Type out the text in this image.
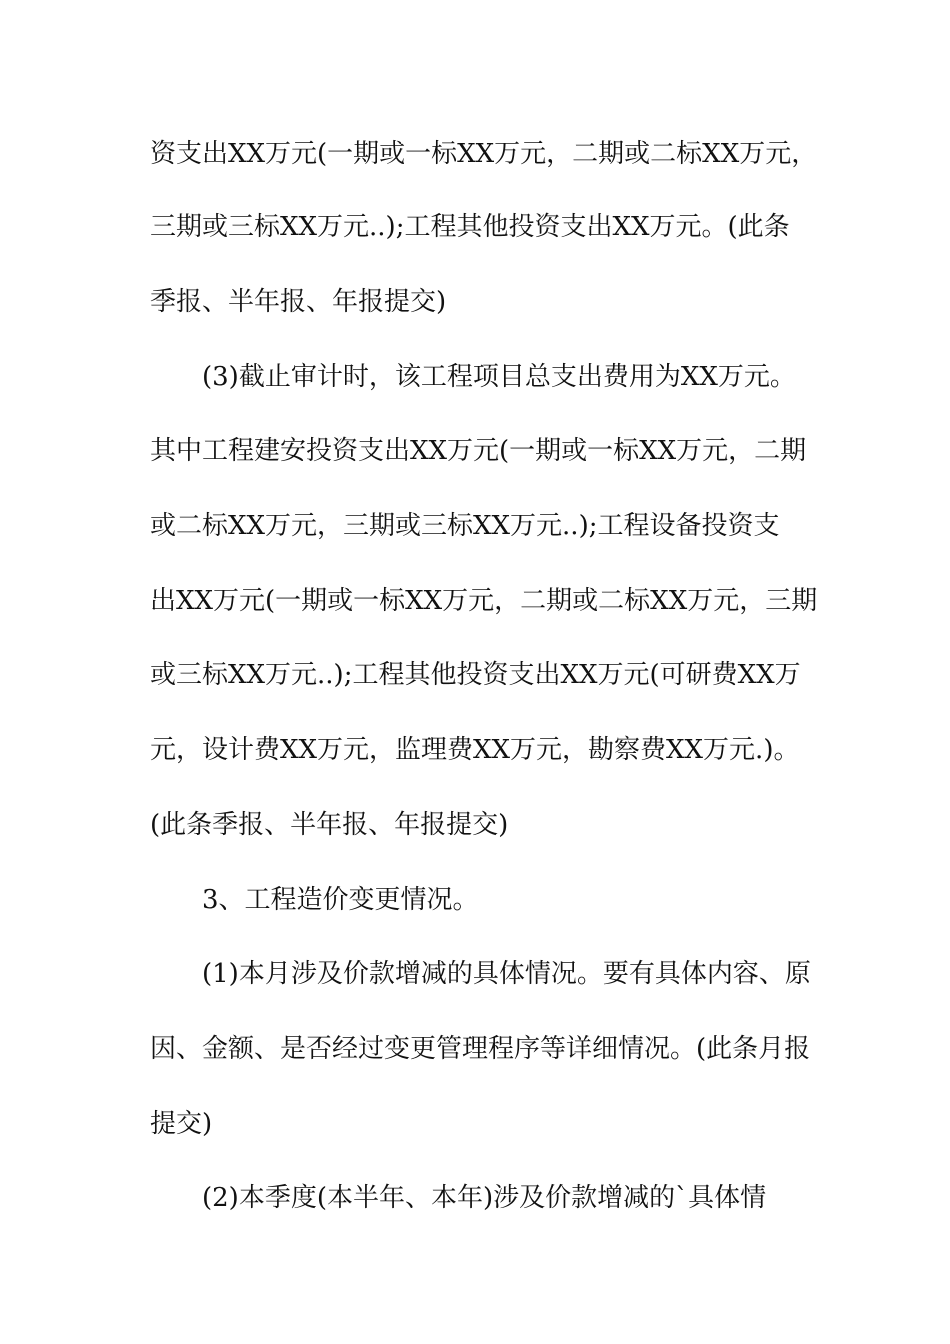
资支出XX万元(一期或一标XX万元，二期或二标XX万元，
三期或三标XX万元..);工程其他投资支出XX万元。(此条
季报、半年报、年报提交)
(3)截止审计时，该工程项目总支出费用为XX万元。
其中工程建安投资支出XX万元(一期或一标XX万元，二期
或二标XX万元，三期或三标XX万元..);工程设备投资支
出XX万元(一期或一标XX万元，二期或二标XX万元，三期
或三标XX万元..);工程其他投资支出XX万元(可研费XX万
元，设计费XX万元，监理费XX万元，勘察费XX万元.)。
(此条季报、半年报、年报提交)
3、工程造价变更情况。
(1)本月涉及价款增减的具体情况。要有具体内容、原
因、金额、是否经过变更管理程序等详细情况。(此条月报
提交)
(2)本季度(本半年、本年)涉及价款增减的`具体情
